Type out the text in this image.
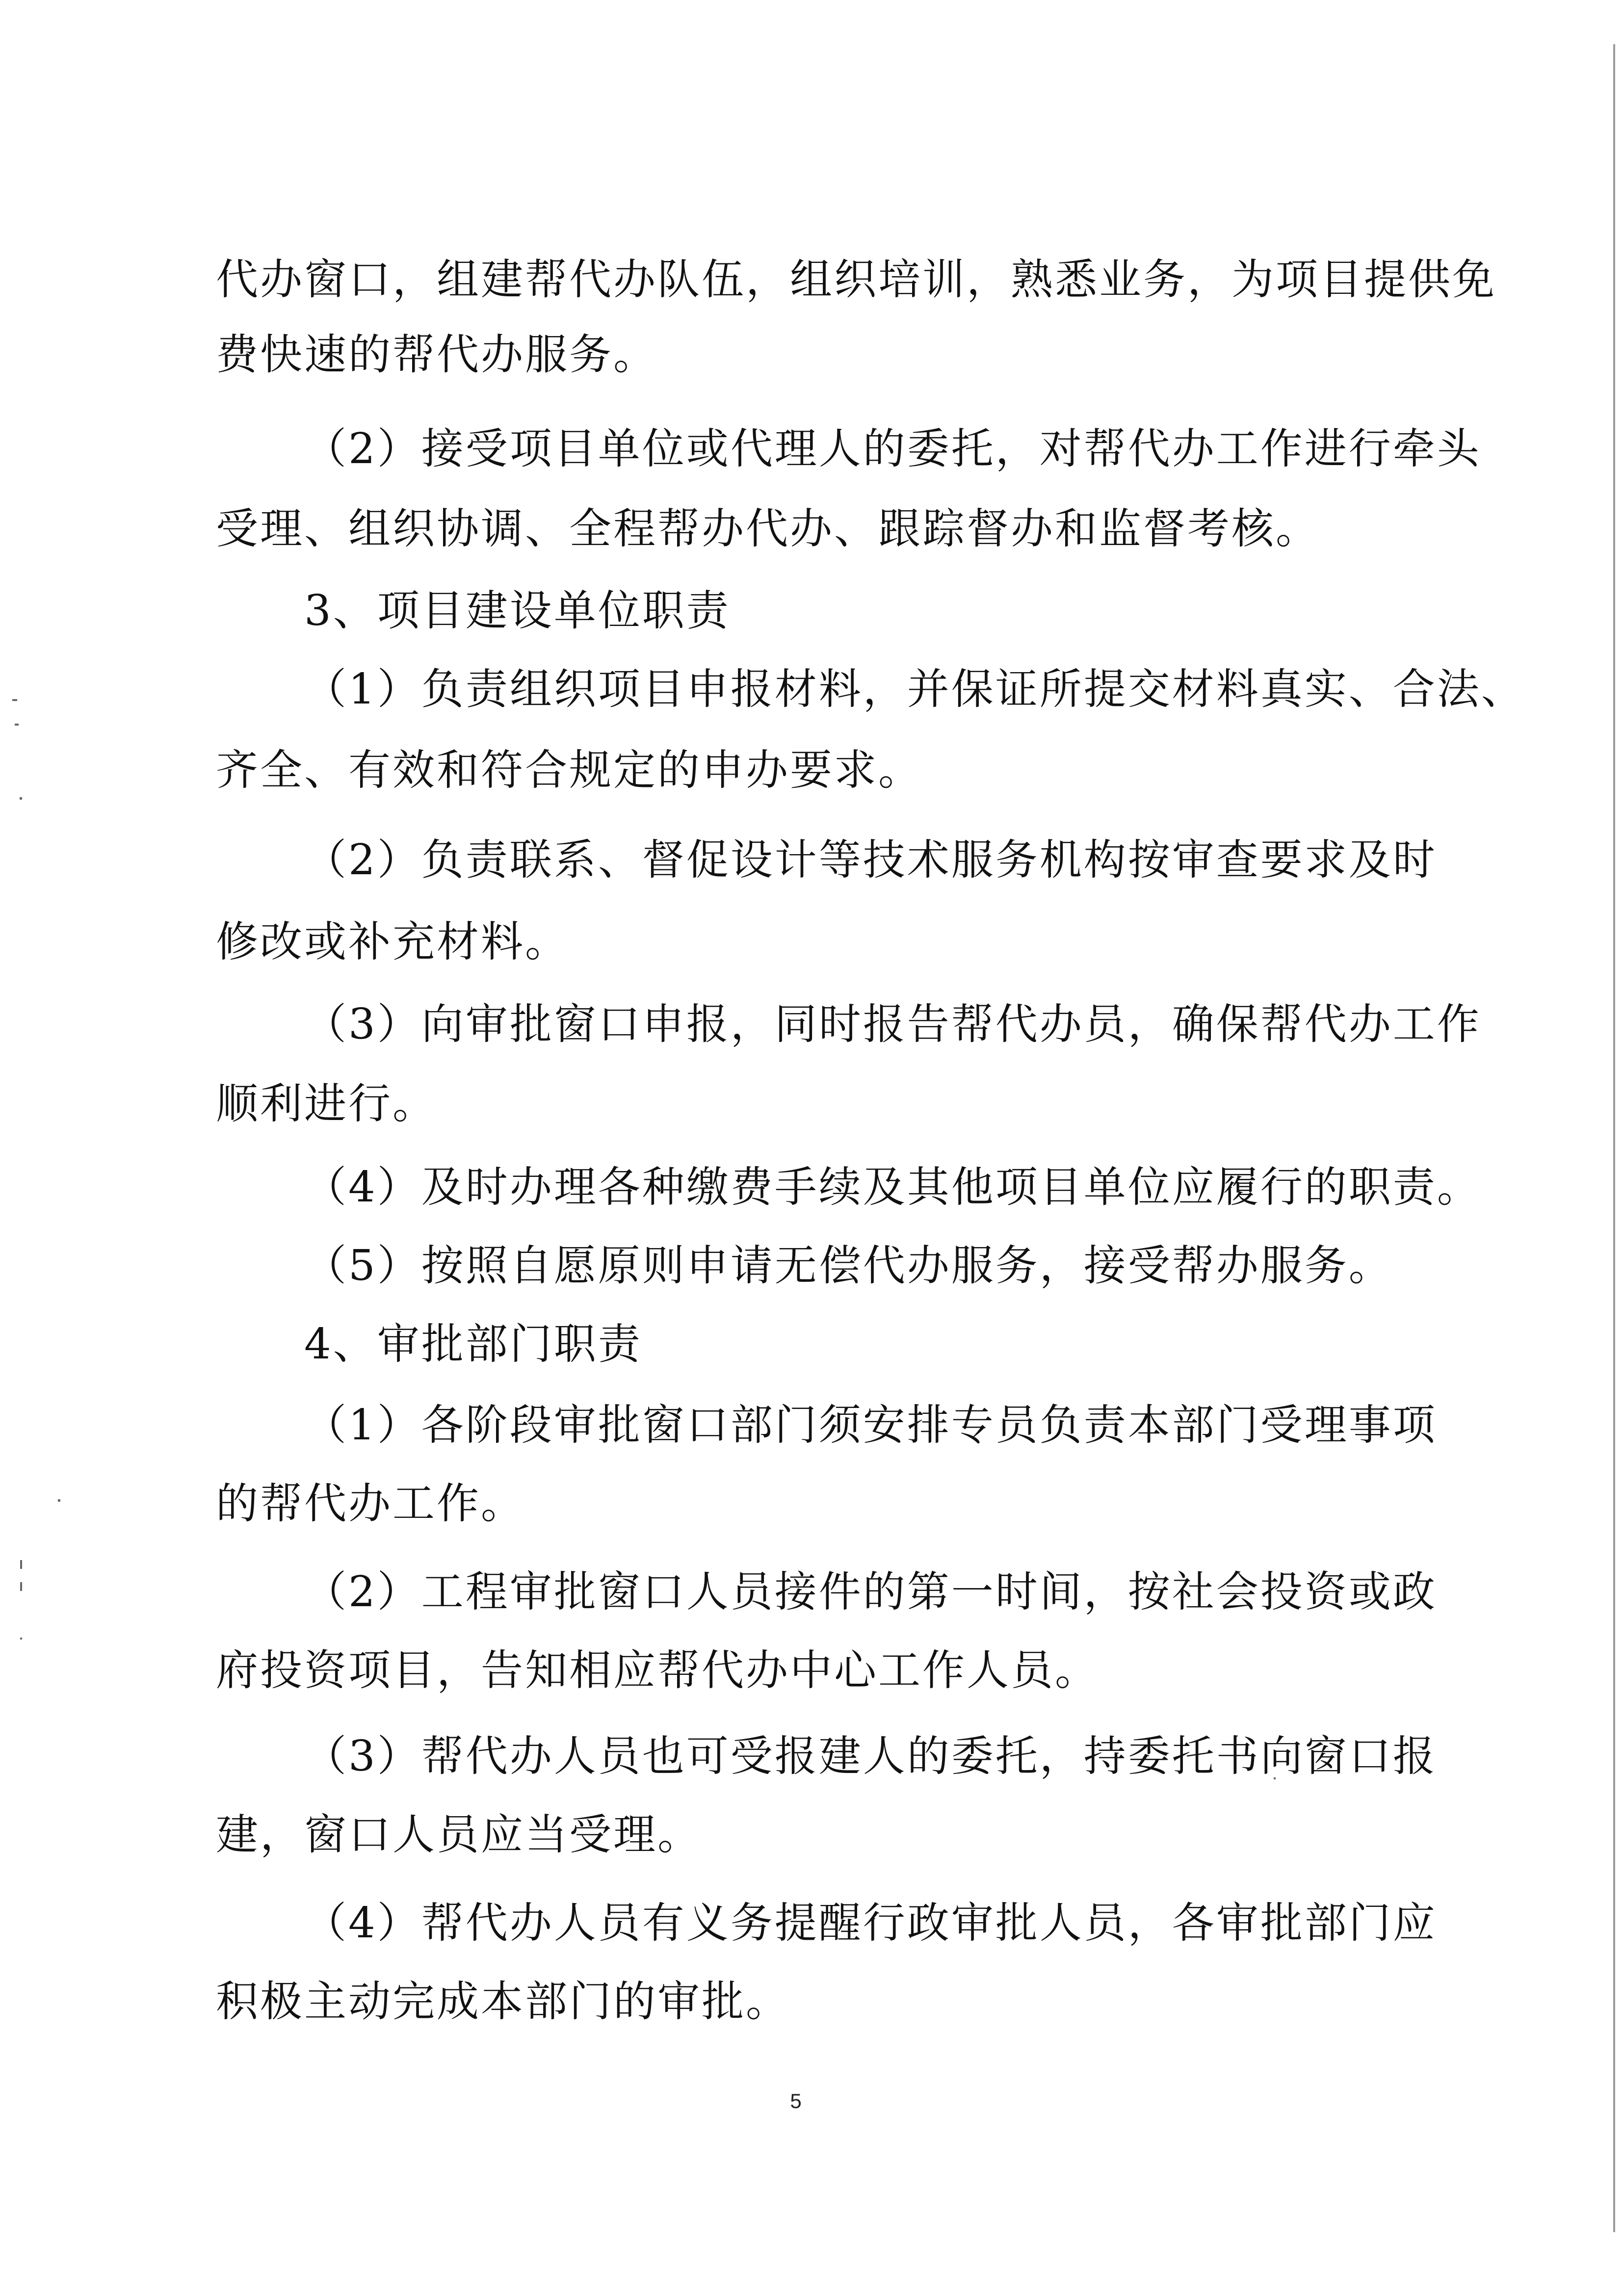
代办窗口，组建帮代办队伍，组织培训，熟悉业务，为项目提供免
费快速的帮代办服务。
（2）接受项目单位或代理人的委托，对帮代办工作进行牵头
受理、组织协调、全程帮办代办、跟踪督办和监督考核。
3、项目建设单位职责
（1）负责组织项目申报材料，并保证所提交材料真实、合法、
齐全、有效和符合规定的申办要求。
（2）负责联系、督促设计等技术服务机构按审查要求及时
修改或补充材料。
（3）向审批窗口申报，同时报告帮代办员，确保帮代办工作
顺利进行。
（4）及时办理各种缴费手续及其他项目单位应履行的职责。
（5）按照自愿原则申请无偿代办服务，接受帮办服务。
4、审批部门职责
（1）各阶段审批窗口部门须安排专员负责本部门受理事项
的帮代办工作。
（2）工程审批窗口人员接件的第一时间，按社会投资或政
府投资项目，告知相应帮代办中心工作人员。
（3）帮代办人员也可受报建人的委托，持委托书向窗口报
建，窗口人员应当受理。
（4）帮代办人员有义务提醒行政审批人员，各审批部门应
积极主动完成本部门的审批。
5
